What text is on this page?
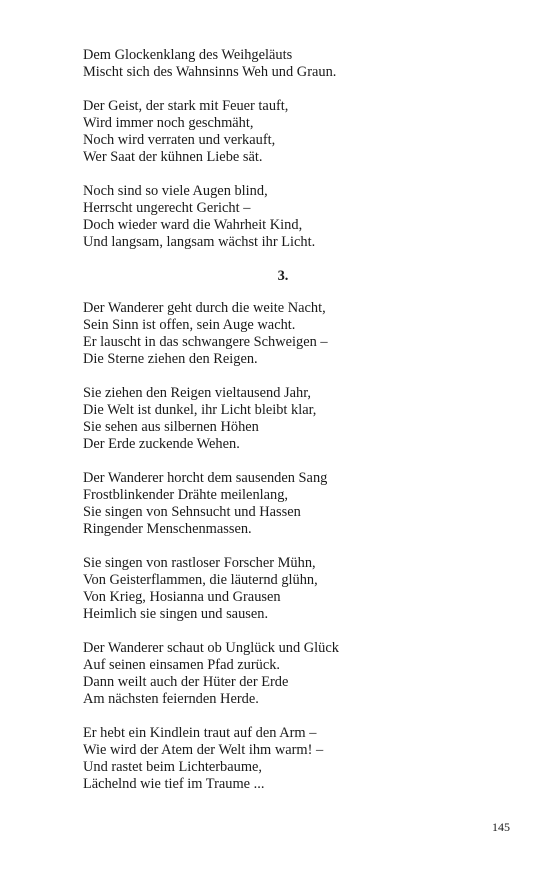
Dem Glockenklang des Weihgeläuts
Mischt sich des Wahnsinns Weh und Graun.
Der Geist, der stark mit Feuer tauft,
Wird immer noch geschmäht,
Noch wird verraten und verkauft,
Wer Saat der kühnen Liebe sät.
Noch sind so viele Augen blind,
Herrscht ungerecht Gericht –
Doch wieder ward die Wahrheit Kind,
Und langsam, langsam wächst ihr Licht.
3.
Der Wanderer geht durch die weite Nacht,
Sein Sinn ist offen, sein Auge wacht.
Er lauscht in das schwangere Schweigen –
Die Sterne ziehen den Reigen.
Sie ziehen den Reigen vieltausend Jahr,
Die Welt ist dunkel, ihr Licht bleibt klar,
Sie sehen aus silbernen Höhen
Der Erde zuckende Wehen.
Der Wanderer horcht dem sausenden Sang
Frostblinkender Drähte meilenlang,
Sie singen von Sehnsucht und Hassen
Ringender Menschenmassen.
Sie singen von rastloser Forscher Mühn,
Von Geisterflammen, die läuternd glühn,
Von Krieg, Hosianna und Grausen
Heimlich sie singen und sausen.
Der Wanderer schaut ob Unglück und Glück
Auf seinen einsamen Pfad zurück.
Dann weilt auch der Hüter der Erde
Am nächsten feiernden Herde.
Er hebt ein Kindlein traut auf den Arm –
Wie wird der Atem der Welt ihm warm! –
Und rastet beim Lichterbaume,
Lächelnd wie tief im Traume ...
145
